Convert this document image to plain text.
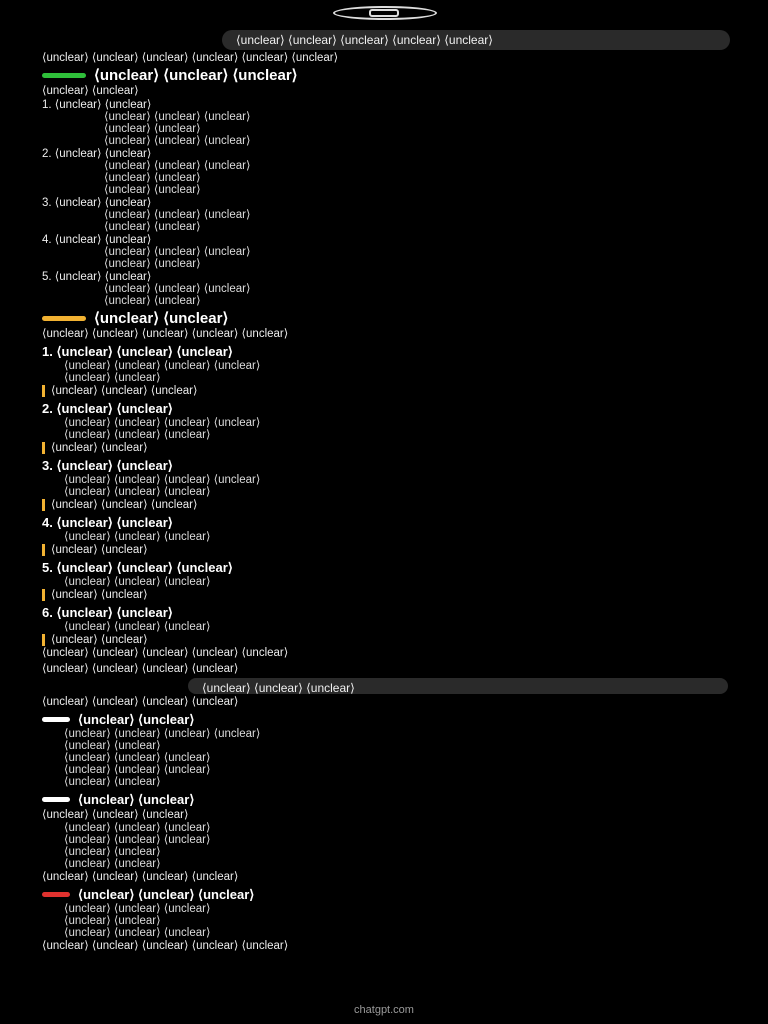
⟨unclear⟩ ⟨unclear⟩ ⟨unclear⟩ ⟨unclear⟩ ⟨unclear⟩

⟨unclear⟩ ⟨unclear⟩ ⟨unclear⟩ ⟨unclear⟩ ⟨unclear⟩ ⟨unclear⟩

⟨unclear⟩ ⟨unclear⟩ ⟨unclear⟩

⟨unclear⟩ ⟨unclear⟩

1. ⟨unclear⟩ ⟨unclear⟩
⟨unclear⟩ ⟨unclear⟩ ⟨unclear⟩
⟨unclear⟩ ⟨unclear⟩
⟨unclear⟩ ⟨unclear⟩ ⟨unclear⟩
2. ⟨unclear⟩ ⟨unclear⟩
⟨unclear⟩ ⟨unclear⟩ ⟨unclear⟩
⟨unclear⟩ ⟨unclear⟩
⟨unclear⟩ ⟨unclear⟩
3. ⟨unclear⟩ ⟨unclear⟩
⟨unclear⟩ ⟨unclear⟩ ⟨unclear⟩
⟨unclear⟩ ⟨unclear⟩
4. ⟨unclear⟩ ⟨unclear⟩
⟨unclear⟩ ⟨unclear⟩ ⟨unclear⟩
⟨unclear⟩ ⟨unclear⟩
5. ⟨unclear⟩ ⟨unclear⟩
⟨unclear⟩ ⟨unclear⟩ ⟨unclear⟩
⟨unclear⟩ ⟨unclear⟩
⟨unclear⟩ ⟨unclear⟩

⟨unclear⟩ ⟨unclear⟩ ⟨unclear⟩ ⟨unclear⟩ ⟨unclear⟩

1. ⟨unclear⟩ ⟨unclear⟩ ⟨unclear⟩
⟨unclear⟩ ⟨unclear⟩ ⟨unclear⟩ ⟨unclear⟩
⟨unclear⟩ ⟨unclear⟩
⟨unclear⟩ ⟨unclear⟩ ⟨unclear⟩
2. ⟨unclear⟩ ⟨unclear⟩
⟨unclear⟩ ⟨unclear⟩ ⟨unclear⟩ ⟨unclear⟩
⟨unclear⟩ ⟨unclear⟩ ⟨unclear⟩
⟨unclear⟩ ⟨unclear⟩
3. ⟨unclear⟩ ⟨unclear⟩
⟨unclear⟩ ⟨unclear⟩ ⟨unclear⟩ ⟨unclear⟩
⟨unclear⟩ ⟨unclear⟩ ⟨unclear⟩
⟨unclear⟩ ⟨unclear⟩ ⟨unclear⟩
4. ⟨unclear⟩ ⟨unclear⟩
⟨unclear⟩ ⟨unclear⟩ ⟨unclear⟩
⟨unclear⟩ ⟨unclear⟩
5. ⟨unclear⟩ ⟨unclear⟩ ⟨unclear⟩
⟨unclear⟩ ⟨unclear⟩ ⟨unclear⟩
⟨unclear⟩ ⟨unclear⟩
6. ⟨unclear⟩ ⟨unclear⟩
⟨unclear⟩ ⟨unclear⟩ ⟨unclear⟩
⟨unclear⟩ ⟨unclear⟩

⟨unclear⟩ ⟨unclear⟩ ⟨unclear⟩ ⟨unclear⟩ ⟨unclear⟩

⟨unclear⟩ ⟨unclear⟩ ⟨unclear⟩ ⟨unclear⟩

⟨unclear⟩ ⟨unclear⟩ ⟨unclear⟩

⟨unclear⟩ ⟨unclear⟩ ⟨unclear⟩ ⟨unclear⟩

⟨unclear⟩ ⟨unclear⟩
⟨unclear⟩ ⟨unclear⟩ ⟨unclear⟩ ⟨unclear⟩
⟨unclear⟩ ⟨unclear⟩
⟨unclear⟩ ⟨unclear⟩ ⟨unclear⟩
⟨unclear⟩ ⟨unclear⟩ ⟨unclear⟩
⟨unclear⟩ ⟨unclear⟩
⟨unclear⟩ ⟨unclear⟩

⟨unclear⟩ ⟨unclear⟩ ⟨unclear⟩

⟨unclear⟩ ⟨unclear⟩ ⟨unclear⟩
⟨unclear⟩ ⟨unclear⟩ ⟨unclear⟩
⟨unclear⟩ ⟨unclear⟩
⟨unclear⟩ ⟨unclear⟩

⟨unclear⟩ ⟨unclear⟩ ⟨unclear⟩ ⟨unclear⟩

⟨unclear⟩ ⟨unclear⟩ ⟨unclear⟩
⟨unclear⟩ ⟨unclear⟩ ⟨unclear⟩
⟨unclear⟩ ⟨unclear⟩
⟨unclear⟩ ⟨unclear⟩ ⟨unclear⟩

⟨unclear⟩ ⟨unclear⟩ ⟨unclear⟩ ⟨unclear⟩ ⟨unclear⟩

chatgpt.com
